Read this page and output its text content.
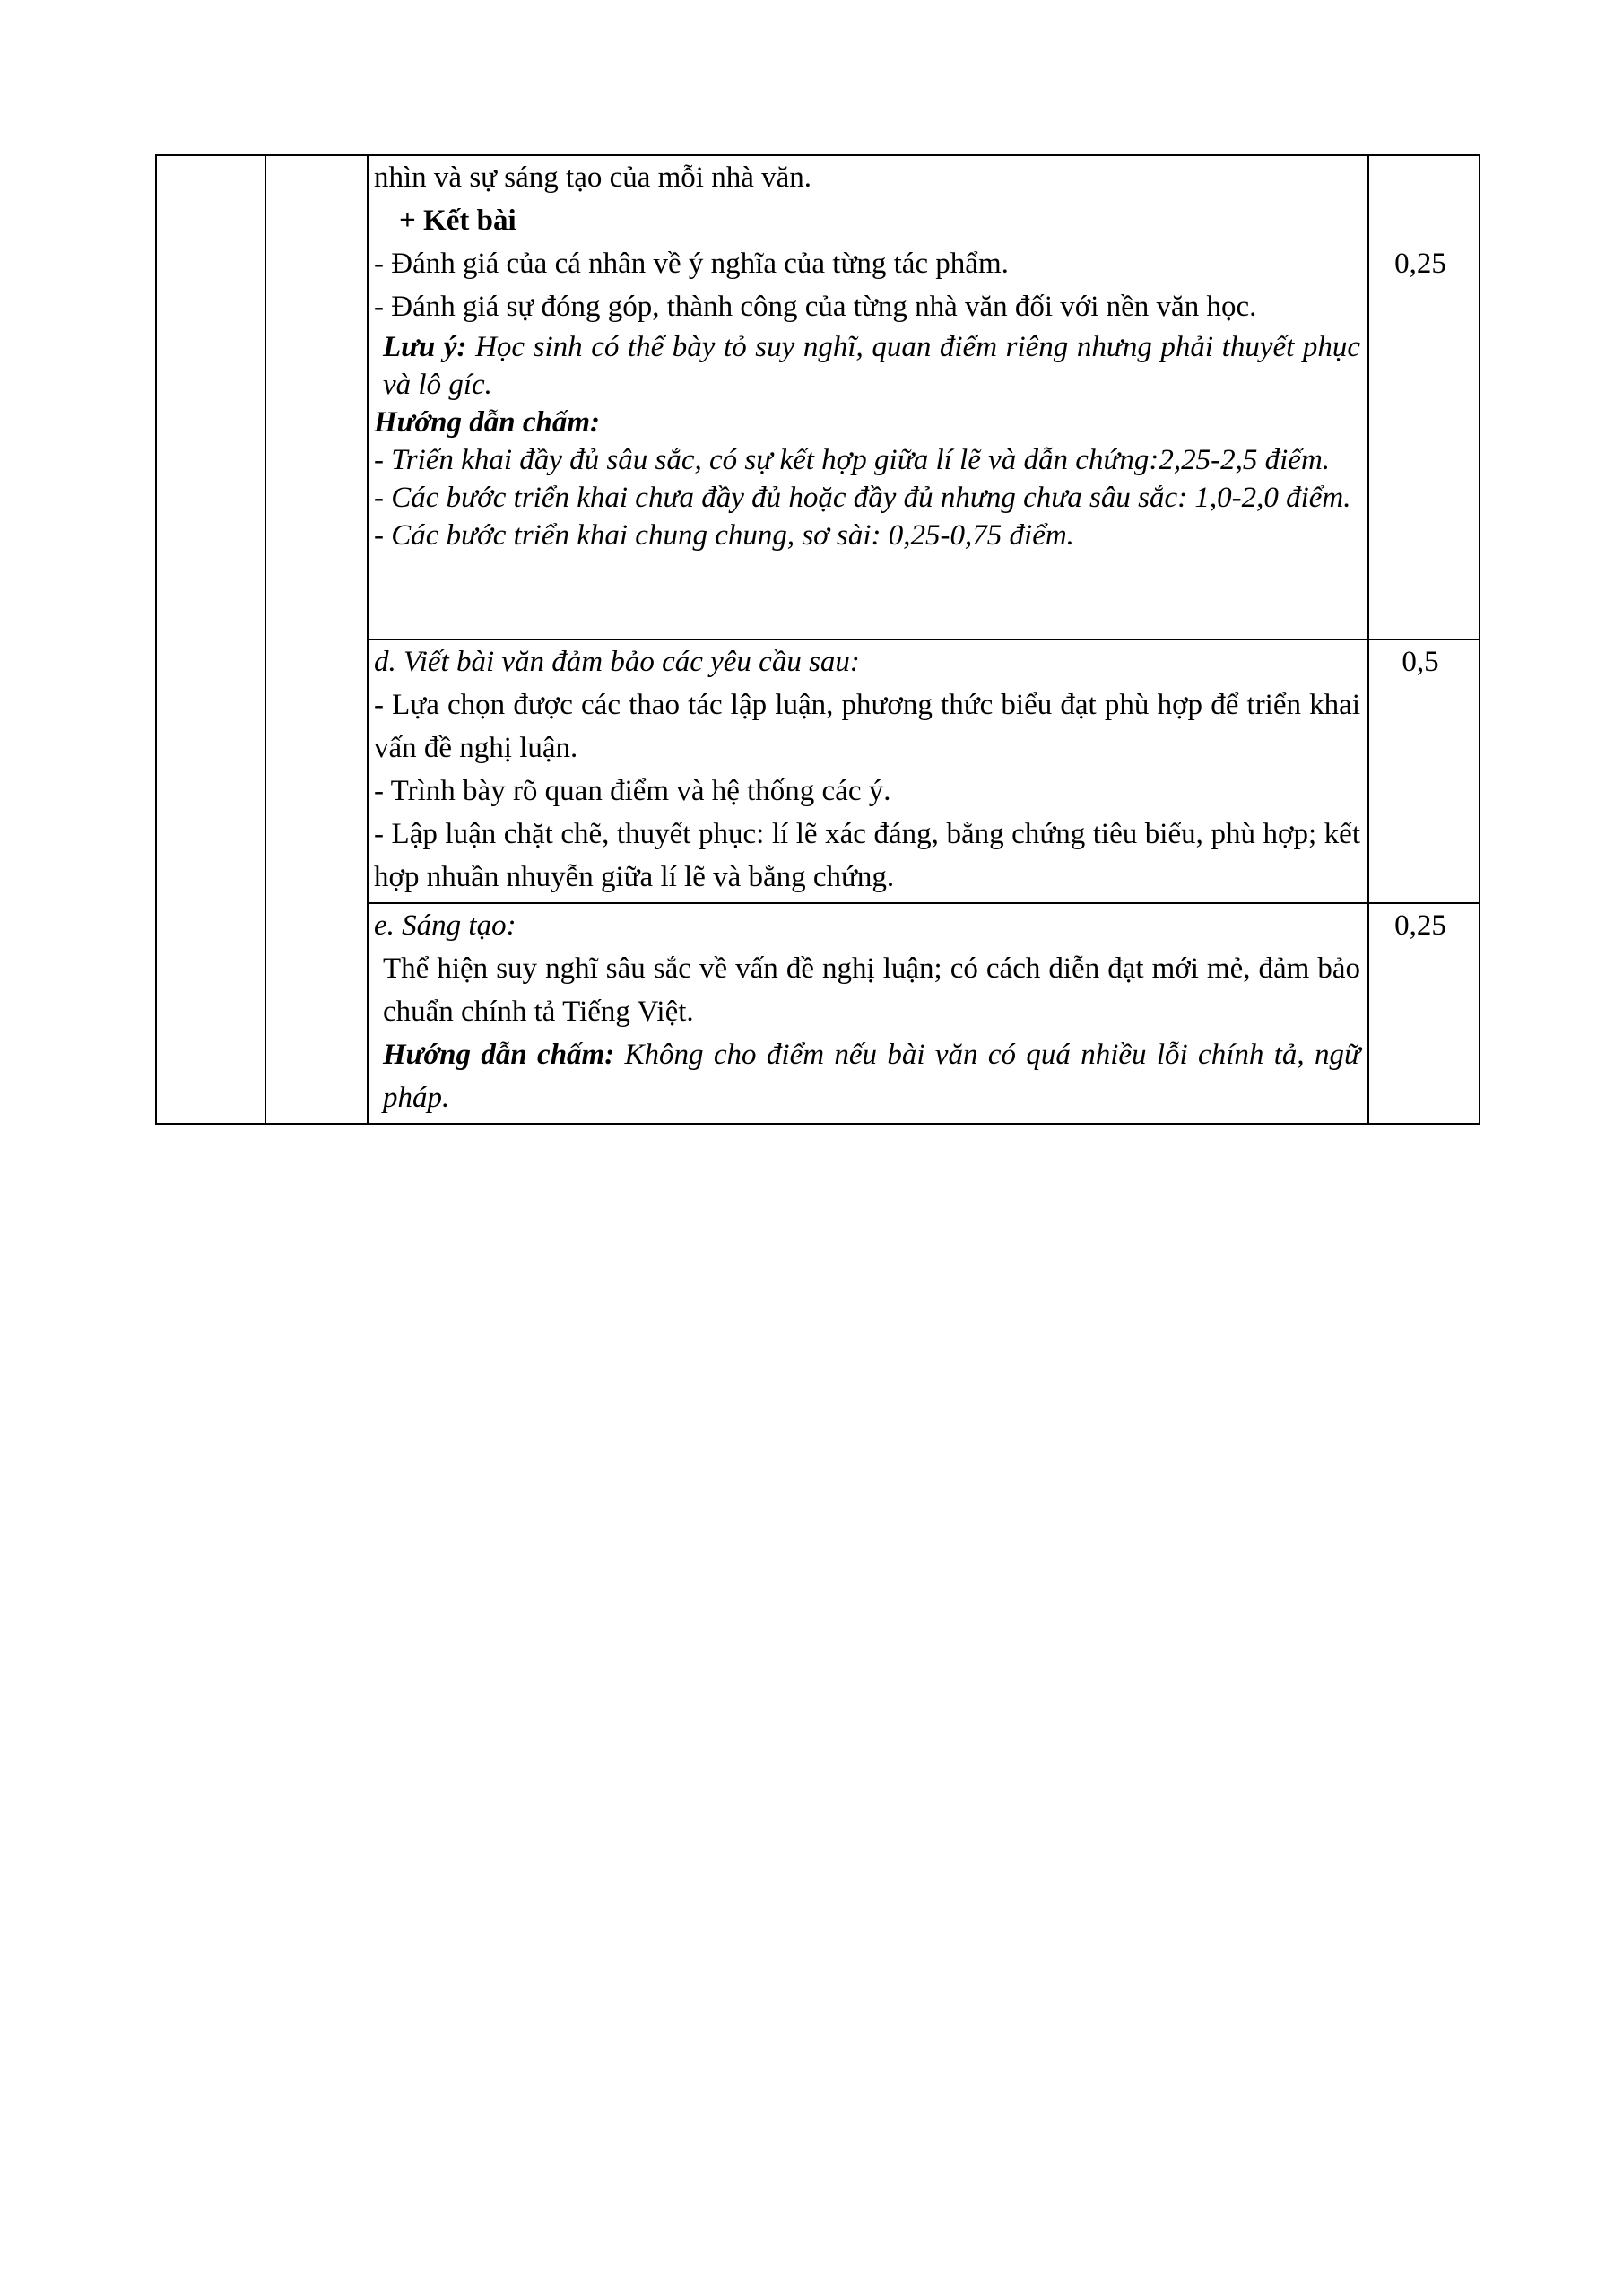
nhìn và sự sáng tạo của mỗi nhà văn.

+ Kết bài

- Đánh giá của cá nhân về ý nghĩa của từng tác phẩm.

- Đánh giá sự đóng góp, thành công của từng nhà văn đối với nền văn học.

Lưu ý: Học sinh có thể bày tỏ suy nghĩ, quan điểm riêng nhưng phải thuyết phục và lô gíc.

Hướng dẫn chấm:

- Triển khai đầy đủ sâu sắc, có sự kết hợp giữa lí lẽ và dẫn chứng:2,25-2,5 điểm.

- Các bước triển khai chưa đầy đủ hoặc đầy đủ nhưng chưa sâu sắc: 1,0-2,0 điểm.

- Các bước triển khai chung chung, sơ sài: 0,25-0,75 điểm.

0,25

d. Viết bài văn đảm bảo các yêu cầu sau:

- Lựa chọn được các thao tác lập luận, phương thức biểu đạt phù hợp để triển khai vấn đề nghị luận.

- Trình bày rõ quan điểm và hệ thống các ý.

- Lập luận chặt chẽ, thuyết phục: lí lẽ xác đáng, bằng chứng tiêu biểu, phù hợp; kết hợp nhuần nhuyễn giữa lí lẽ và bằng chứng.

0,5

e. Sáng tạo:

Thể hiện suy nghĩ sâu sắc về vấn đề nghị luận; có cách diễn đạt mới mẻ, đảm bảo chuẩn chính tả Tiếng Việt.

Hướng dẫn chấm: Không cho điểm nếu bài văn có quá nhiều lỗi chính tả, ngữ pháp.

0,25
